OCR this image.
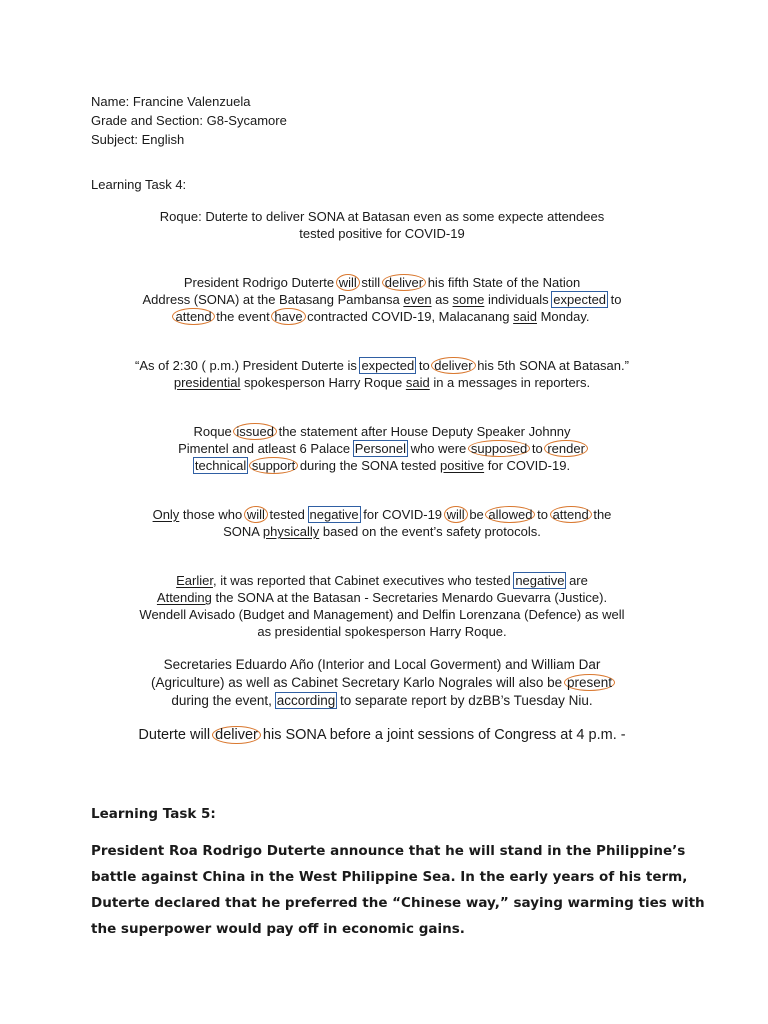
Name: Francine Valenzuela
Grade and Section: G8-Sycamore
Subject: English
Learning Task 4:
Roque: Duterte to deliver SONA at Batasan even as some expecte attendees
tested positive for COVID-19
President Rodrigo Duterte will still deliver his fifth State of the Nation
Address (SONA) at the Batasang Pambansa even as some individuals expected to
attend the event have contracted COVID-19, Malacanang said Monday.
“As of 2:30 ( p.m.) President Duterte is expected to deliver his 5th SONA at Batasan.”
presidential spokesperson Harry Roque said in a messages in reporters.
Roque issued the statement after House Deputy Speaker Johnny
Pimentel and atleast 6 Palace Personel who were supposed to render
technical support during the SONA tested positive for COVID-19.
Only those who will tested negative for COVID-19 will be allowed to attend the
SONA physically based on the event’s safety protocols.
Earlier, it was reported that Cabinet executives who tested negative are
Attending the SONA at the Batasan - Secretaries Menardo Guevarra (Justice).
Wendell Avisado (Budget and Management) and Delfin Lorenzana (Defence) as well
as presidential spokesperson Harry Roque.
Secretaries Eduardo Año (Interior and Local Goverment) and William Dar
(Agriculture) as well as Cabinet Secretary Karlo Nograles will also be present
during the event, according to separate report by dzBB’s Tuesday Niu.
Duterte will deliver his SONA before a joint sessions of Congress at 4 p.m. -
Learning Task 5:
President Roa Rodrigo Duterte announce that he will stand in the Philippine’s
battle against China in the West Philippine Sea. In the early years of his term,
Duterte declared that he preferred the “Chinese way,” saying warming ties with
the superpower would pay off in economic gains.
